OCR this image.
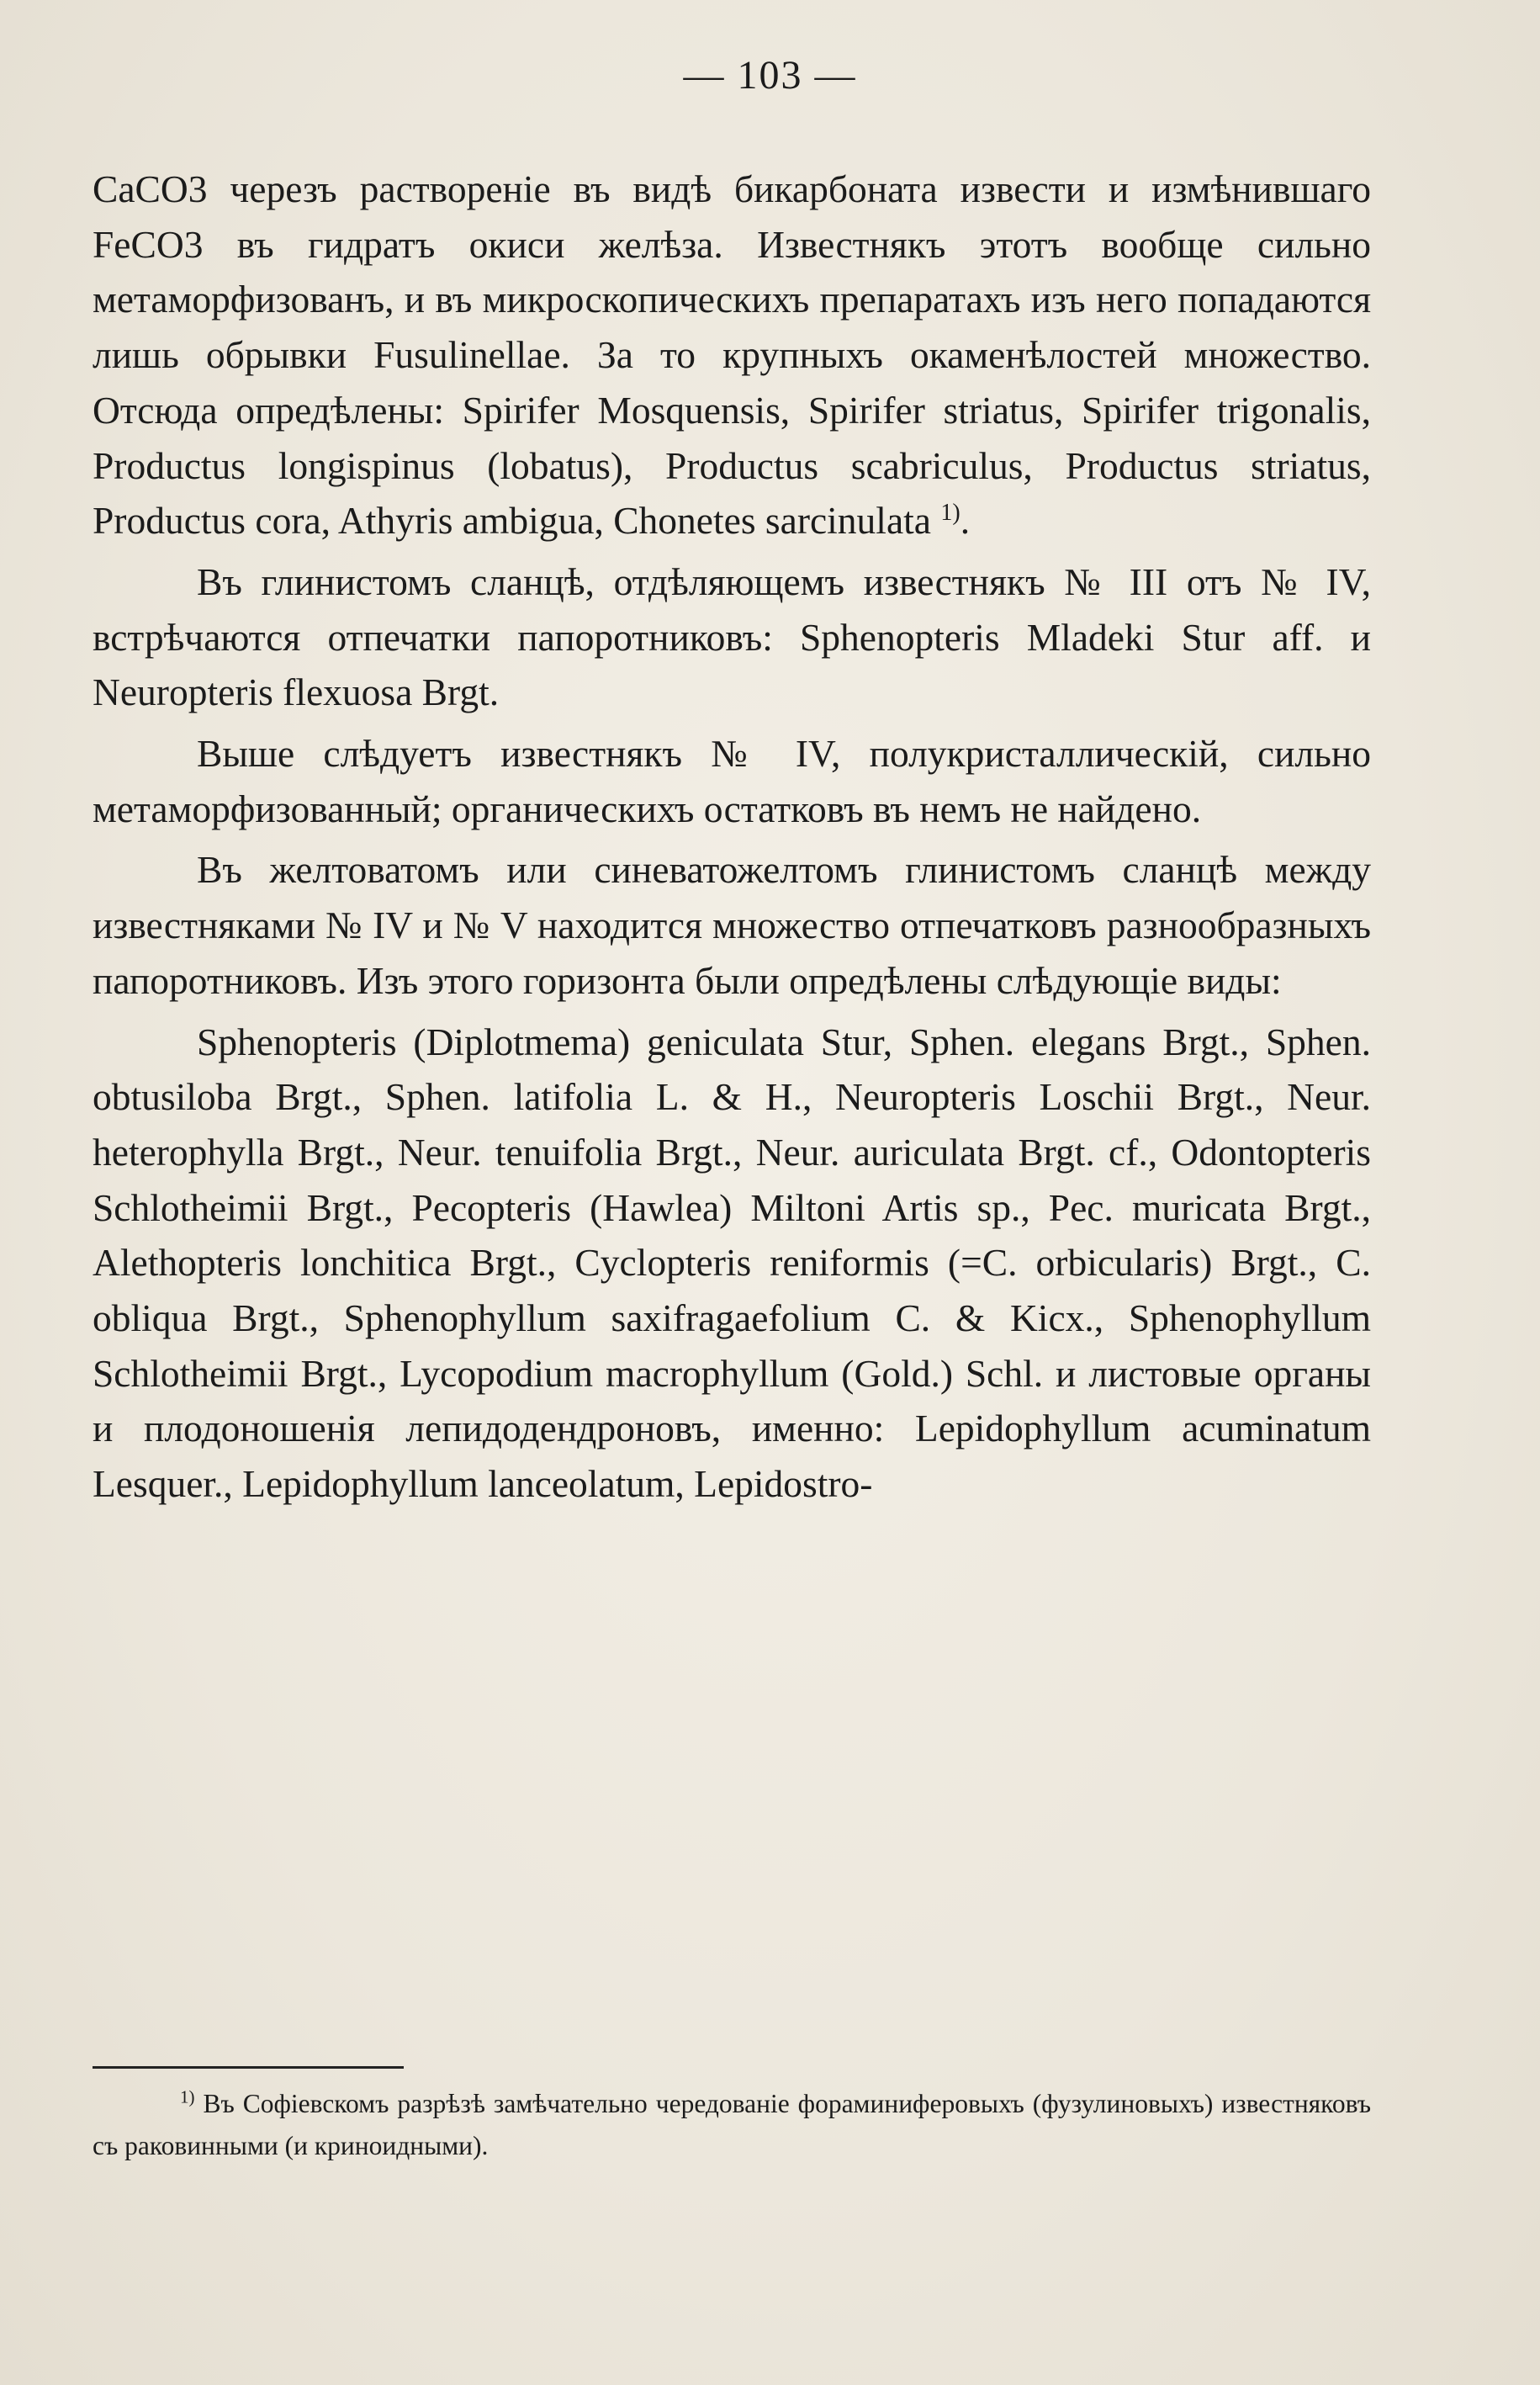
— 103 —

CaCO3 черезъ растворенiе въ видѣ бикарбоната извести и измѣнившаго FeCO3 въ гидратъ окиси желѣза. Известнякъ этотъ вообще сильно метаморфизованъ, и въ микроскопическихъ препаратахъ изъ него попадаются лишь обрывки Fusulinellae. За то крупныхъ окаменѣлостей множество. Отсюда опредѣлены: Spirifer Mosquensis, Spirifer striatus, Spirifer trigonalis, Productus longispinus (lobatus), Productus scabriculus, Productus striatus, Productus cora, Athyris ambigua, Chonetes sarcinulata $^{1)}$.

Въ глинистомъ сланцѣ, отдѣляющемъ известнякъ № III отъ № IV, встрѣчаются отпечатки папоротниковъ: Sphenopteris Mladeki Stur aff. и Neuropteris flexuosa Brgt.

Выше слѣдуетъ известнякъ № IV, полукристаллическiй, сильно метаморфизованный; органическихъ остатковъ въ немъ не найдено.

Въ желтоватомъ или синеватожелтомъ глинистомъ сланцѣ между известняками № IV и № V находится множество отпечатковъ разнообразныхъ папоротниковъ. Изъ этого горизонта были опредѣлены слѣдующiе виды:

Sphenopteris (Diplotmema) geniculata Stur, Sphen. elegans Brgt., Sphen. obtusiloba Brgt., Sphen. latifolia L. & H., Neuropteris Loschii Brgt., Neur. heterophylla Brgt., Neur. tenuifolia Brgt., Neur. auriculata Brgt. cf., Odontopteris Schlotheimii Brgt., Pecopteris (Hawlea) Miltoni Artis sp., Pec. muricata Brgt., Alethopteris lonchitica Brgt., Cyclopteris reniformis (=C. orbicularis) Brgt., C. obliqua Brgt., Sphenophyllum saxifragaefolium C. & Kicx., Sphenophyllum Schlotheimii Brgt., Lycopodium macrophyllum (Gold.) Schl. и листовые органы и плодоношенiя лепидодендроновъ, именно: Lepidophyllum acuminatum Lesquer., Lepidophyllum lanceolatum, Lepidostro-

$^{1)}$ Въ Софiевскомъ разрѣзѣ замѣчательно чередованiе фораминиферовыхъ (фузулиновыхъ) известняковъ съ раковинными (и криноидными).
